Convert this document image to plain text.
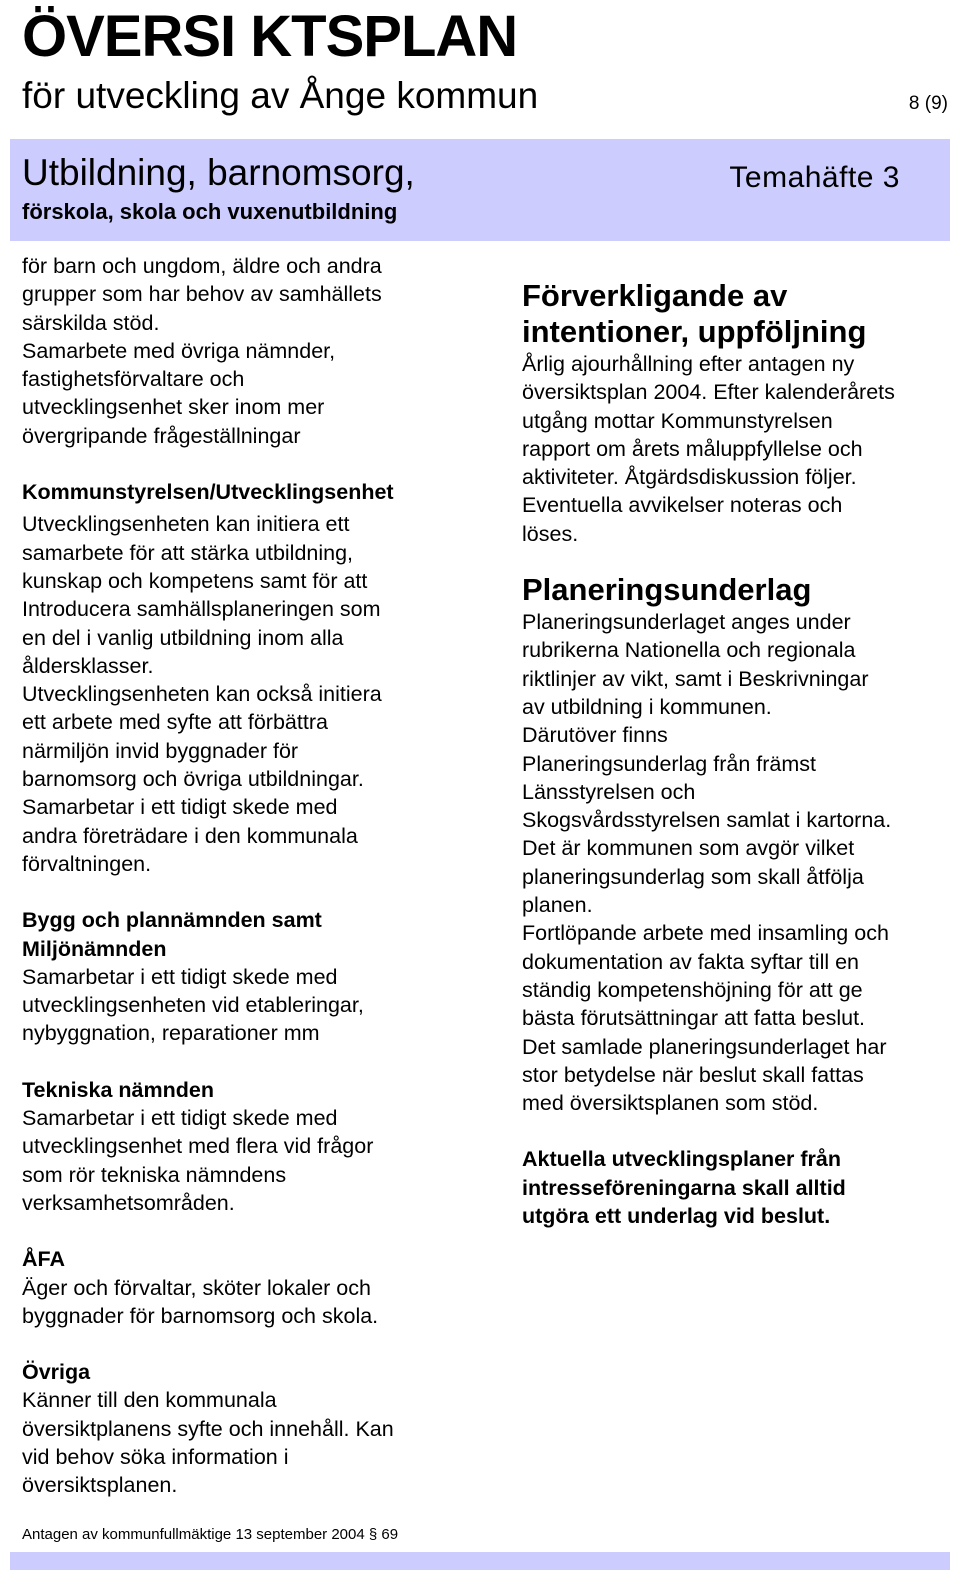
ÖVERSI KTSPLAN
för utveckling av Ånge kommun	8 (9)
Utbildning, barnomsorg,
förskola, skola och vuxenutbildning
Temahäfte 3

för barn och ungdom, äldre och andra
grupper som har behov av samhällets
särskilda stöd.
Samarbete med övriga nämnder,
fastighetsförvaltare och
utvecklingsenhet sker inom mer
övergripande frågeställningar

Kommunstyrelsen/Utvecklingsenhet

Utvecklingsenheten kan initiera ett
samarbete för att stärka utbildning,
kunskap och kompetens samt för att
Introducera samhällsplaneringen som
en del i vanlig utbildning inom alla
åldersklasser.
Utvecklingsenheten kan också initiera
ett arbete med syfte att förbättra
närmiljön invid byggnader för
barnomsorg och övriga utbildningar.
Samarbetar i ett tidigt skede med
andra företrädare i den kommunala
förvaltningen.

Bygg och plannämnden samt
Miljönämnden

Samarbetar i ett tidigt skede med
utvecklingsenheten vid etableringar,
nybyggnation, reparationer mm

Tekniska nämnden

Samarbetar i ett tidigt skede med
utvecklingsenhet med flera vid frågor
som rör tekniska nämndens
verksamhetsområden.

ÅFA

Äger och förvaltar, sköter lokaler och
byggnader för barnomsorg och skola.

Övriga

Känner till den kommunala
översiktplanens syfte och innehåll. Kan
vid behov söka information i
översiktsplanen.

Förverkligande av
intentioner, uppföljning

Årlig ajourhållning efter antagen ny
översiktsplan 2004. Efter kalenderårets
utgång mottar Kommunstyrelsen
rapport om årets måluppfyllelse och
aktiviteter. Åtgärdsdiskussion följer.
Eventuella avvikelser noteras och
löses.

Planeringsunderlag

Planeringsunderlaget anges under
rubrikerna Nationella och regionala
riktlinjer av vikt, samt i Beskrivningar
av utbildning i kommunen.
Därutöver finns
Planeringsunderlag från främst
Länsstyrelsen och
Skogsvårdsstyrelsen samlat i kartorna.
Det är kommunen som avgör vilket
planeringsunderlag som skall åtfölja
planen.
Fortlöpande arbete med insamling och
dokumentation av fakta syftar till en
ständig kompetenshöjning för att ge
bästa förutsättningar att fatta beslut.
Det samlade planeringsunderlaget har
stor betydelse när beslut skall fattas
med översiktsplanen som stöd.

Aktuella utvecklingsplaner från
intresseföreningarna skall alltid
utgöra ett underlag vid beslut.

Antagen av kommunfullmäktige 13 september 2004 § 69
